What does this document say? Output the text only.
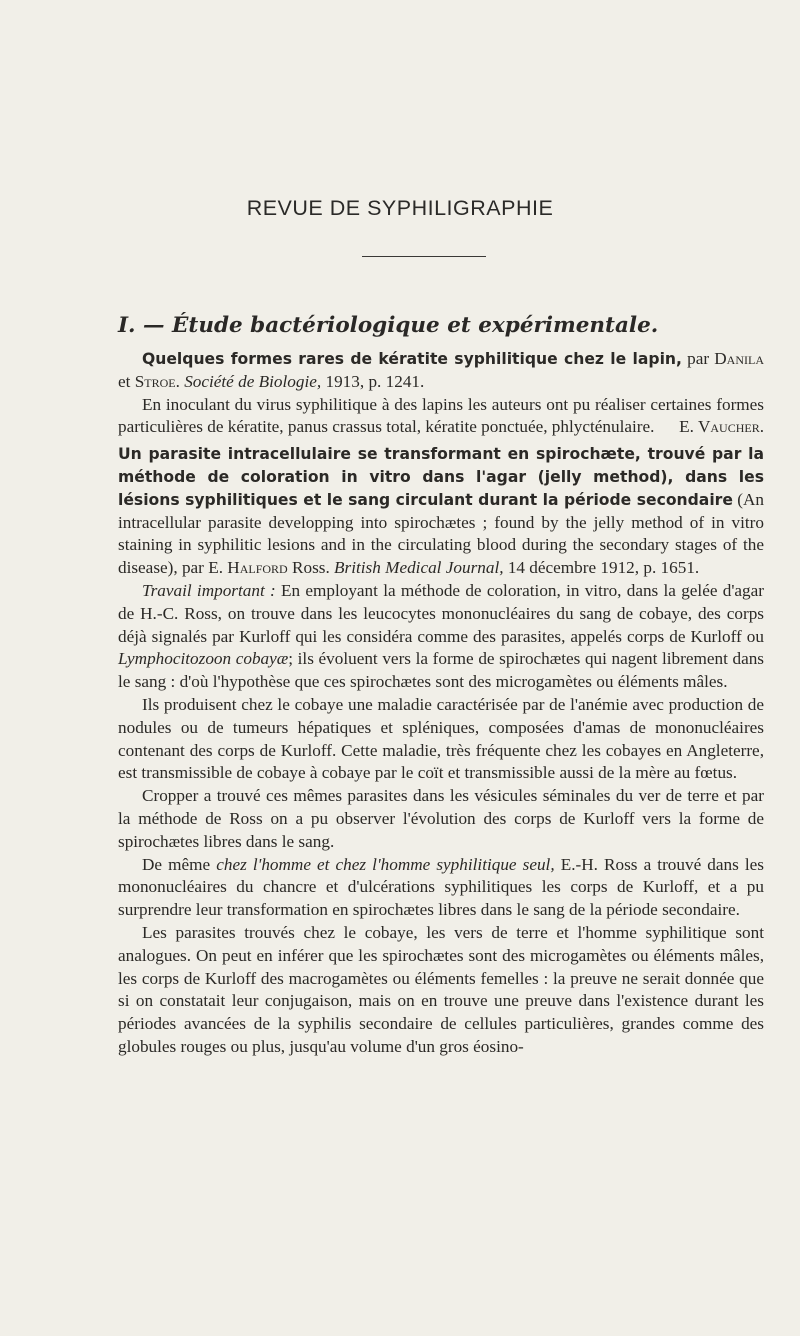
REVUE DE SYPHILIGRAPHIE
I. — Étude bactériologique et expérimentale.

Quelques formes rares de kératite syphilitique chez le lapin, par Danila et Stroe. Société de Biologie, 1913, p. 1241.

En inoculant du virus syphilitique à des lapins les auteurs ont pu réaliser certaines formes particulières de kératite, panus crassus total, kératite ponctuée, phlycténulaire.	E. Vaucher.

Un parasite intracellulaire se transformant en spirochæte, trouvé par la méthode de coloration in vitro dans l'agar (jelly method), dans les lésions syphilitiques et le sang circulant durant la période secondaire (An intracellular parasite developping into spirochætes ; found by the jelly method of in vitro staining in syphilitic lesions and in the circulating blood during the secondary stages of the disease), par E. Halford Ross. British Medical Journal, 14 décembre 1912, p. 1651.

Travail important : En employant la méthode de coloration, in vitro, dans la gelée d'agar de H.-C. Ross, on trouve dans les leucocytes mononucléaires du sang de cobaye, des corps déjà signalés par Kurloff qui les considéra comme des parasites, appelés corps de Kurloff ou Lymphocitozoon cobayæ; ils évoluent vers la forme de spirochætes qui nagent librement dans le sang : d'où l'hypothèse que ces spirochætes sont des microgamètes ou éléments mâles.

Ils produisent chez le cobaye une maladie caractérisée par de l'anémie avec production de nodules ou de tumeurs hépatiques et spléniques, composées d'amas de mononucléaires contenant des corps de Kurloff. Cette maladie, très fréquente chez les cobayes en Angleterre, est transmissible de cobaye à cobaye par le coït et transmissible aussi de la mère au fœtus.

Cropper a trouvé ces mêmes parasites dans les vésicules séminales du ver de terre et par la méthode de Ross on a pu observer l'évolution des corps de Kurloff vers la forme de spirochætes libres dans le sang.

De même chez l'homme et chez l'homme syphilitique seul, E.-H. Ross a trouvé dans les mononucléaires du chancre et d'ulcérations syphilitiques les corps de Kurloff, et a pu surprendre leur transformation en spirochætes libres dans le sang de la période secondaire.

Les parasites trouvés chez le cobaye, les vers de terre et l'homme syphilitique sont analogues. On peut en inférer que les spirochætes sont des microgamètes ou éléments mâles, les corps de Kurloff des macrogamètes ou éléments femelles : la preuve ne serait donnée que si on constatait leur conjugaison, mais on en trouve une preuve dans l'existence durant les périodes avancées de la syphilis secondaire de cellules particulières, grandes comme des globules rouges ou plus, jusqu'au volume d'un gros éosino-
